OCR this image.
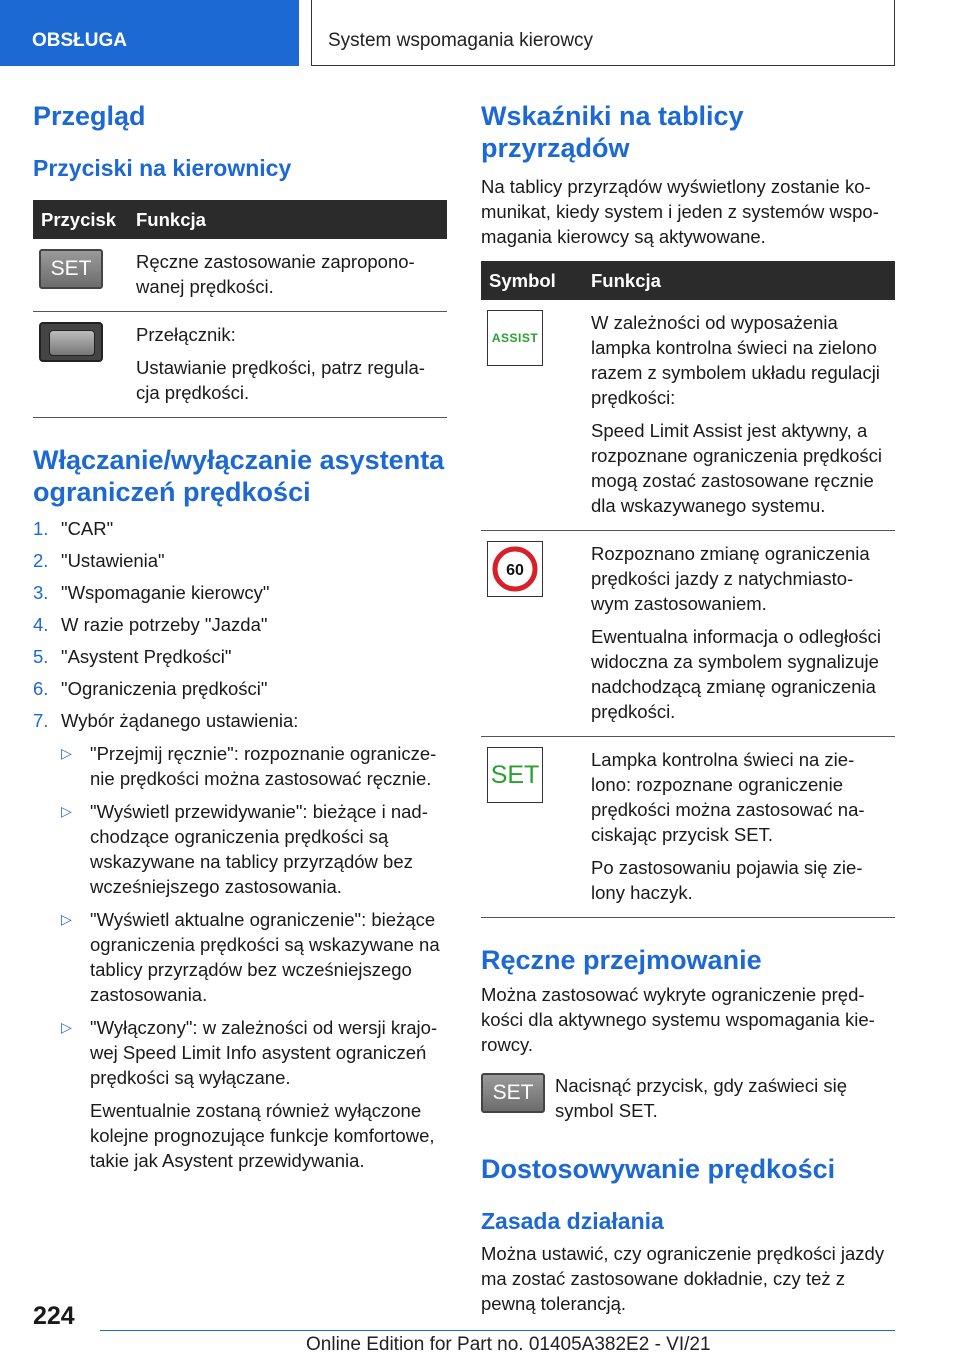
OBSŁUGA	System wspomagania kierowcy
Przegląd
Przyciski na kierownicy
Przycisk	Funkcja

SET	Ręczne zastosowanie zapropono-wanej prędkości.

	Przełącznik:

Ustawianie prędkości, patrz regula-cja prędkości.

Włączanie/wyłączanie asystenta ograniczeń prędkości
1. "CAR"
2. "Ustawienia"
3. "Wspomaganie kierowcy"
4. W razie potrzeby "Jazda"
5. "Asystent Prędkości"
6. "Ograniczenia prędkości"
7. Wybór żądanego ustawienia:
▷ "Przejmij ręcznie": rozpoznanie ogranicze-nie prędkości można zastosować ręcznie.

▷ "Wyświetl przewidywanie": bieżące i nad-chodzące ograniczenia prędkości są wskazywane na tablicy przyrządów bez wcześniejszego zastosowania.

▷ "Wyświetl aktualne ograniczenie": bieżące ograniczenia prędkości są wskazywane na tablicy przyrządów bez wcześniejszego zastosowania.

▷ "Wyłączony": w zależności od wersji krajo-wej Speed Limit Info asystent ograniczeń prędkości są wyłączane.

Ewentualnie zostaną również wyłączone kolejne prognozujące funkcje komfortowe, takie jak Asystent przewidywania.

Wskaźniki na tablicy przyrządów

Na tablicy przyrządów wyświetlony zostanie ko-munikat, kiedy system i jeden z systemów wspo-magania kierowcy są aktywowane.

Symbol	Funkcja

ASSIST	W zależności od wyposażenia lampka kontrolna świeci na zielono razem z symbolem układu regulacji prędkości:

Speed Limit Assist jest aktywny, a rozpoznane ograniczenia prędkości mogą zostać zastosowane ręcznie dla wskazywanego systemu.

60	Rozpoznano zmianę ograniczenia prędkości jazdy z natychmiasto-wym zastosowaniem.

Ewentualna informacja o odległości widoczna za symbolem sygnalizuje nadchodzącą zmianę ograniczenia prędkości.

SET	Lampka kontrolna świeci na zie-lono: rozpoznane ograniczenie prędkości można zastosować na-ciskając przycisk SET.

Po zastosowaniu pojawia się zie-lony haczyk.

Ręczne przejmowanie

Można zastosować wykryte ograniczenie pręd-kości dla aktywnego systemu wspomagania kie-rowcy.

SET	Nacisnąć przycisk, gdy zaświeci się symbol SET.

Dostosowywanie prędkości
Zasada działania

Można ustawić, czy ograniczenie prędkości jazdy ma zostać zastosowane dokładnie, czy też z pewną tolerancją.

224
Online Edition for Part no. 01405A382E2 - VI/21
